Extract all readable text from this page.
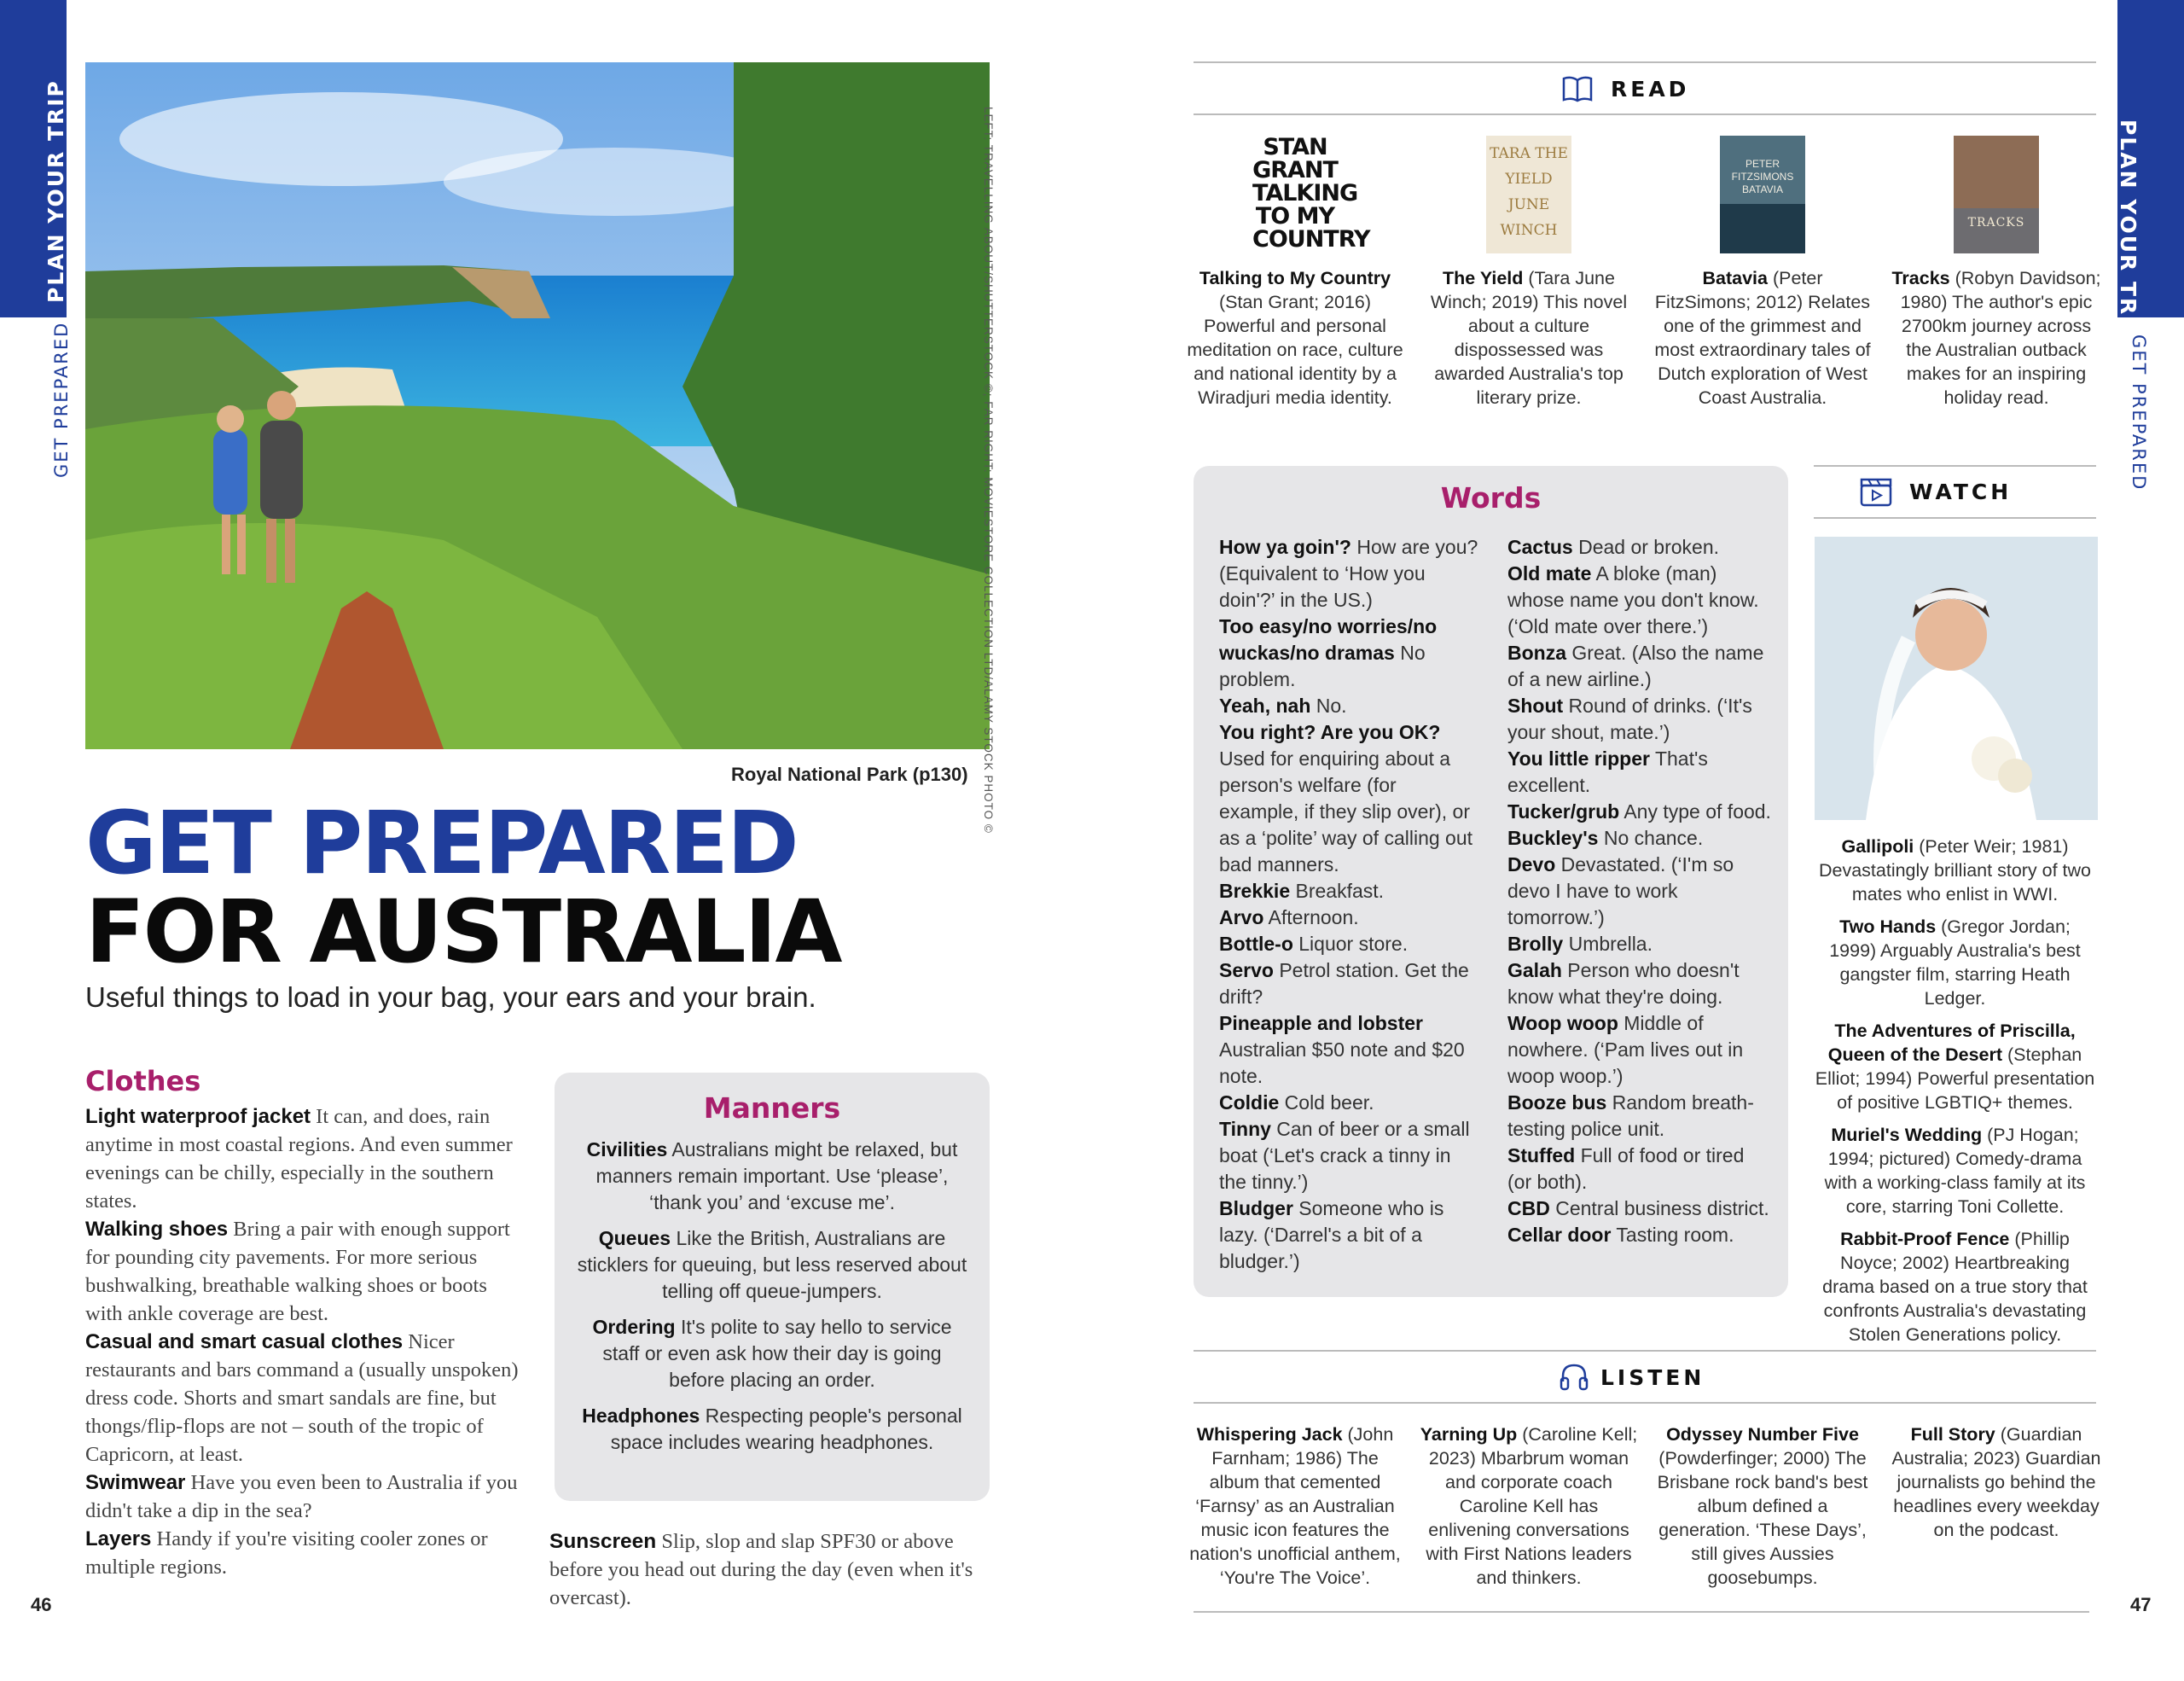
PLAN YOUR TRIP
GET PREPARED	LEFT: TRAVELLING ABOUT/SHUTTERSTOCK ©; FAR RIGHT: MOVIESTORE COLLECTION LTD/ALAMY STOCK PHOTO ©
Royal National Park (p130)
GET PREPARED
FOR AUSTRALIA
Useful things to load in your bag, your ears and your brain.
Clothes
Light waterproof jacket It can, and does, rain anytime in most coastal regions. And even summer evenings can be chilly, especially in the southern states.
Walking shoes Bring a pair with enough support for pounding city pavements. For more serious bushwalking, breathable walking shoes or boots with ankle coverage are best.
Casual and smart casual clothes Nicer restaurants and bars command a (usually unspoken) dress code. Shorts and smart sandals are fine, but thongs/flip-flops are not – south of the tropic of Capricorn, at least.
Swimwear Have you even been to Australia if you didn't take a dip in the sea?
Layers Handy if you're visiting cooler zones or multiple regions.
Manners
Civilities Australians might be relaxed, but manners remain important. Use ‘please’, ‘thank you’ and ‘excuse me’.
Queues Like the British, Australians are sticklers for queuing, but less reserved about telling off queue-jumpers.
Ordering It's polite to say hello to service staff or even ask how their day is going before placing an order.
Headphones Respecting people's personal space includes wearing headphones.
Sunscreen Slip, slop and slap SPF30 or above before you head out during the day (even when it's overcast).
46
READ
STAN GRANT TALKING TO MY COUNTRY
TARA THE YIELD JUNE WINCH
PETER FITZSIMONS BATAVIA
TRACKS
Talking to My Country (Stan Grant; 2016) Powerful and personal meditation on race, culture and national identity by a Wiradjuri media identity.
The Yield (Tara June Winch; 2019) This novel about a culture dispossessed was awarded Australia's top literary prize.
Batavia (Peter FitzSimons; 2012) Relates one of the grimmest and most extraordinary tales of Dutch exploration of West Coast Australia.
Tracks (Robyn Davidson; 1980) The author's epic 2700km journey across the Australian outback makes for an inspiring holiday read.
Words
How ya goin'? How are you? (Equivalent to ‘How you doin'?’ in the US.)
Too easy/no worries/no wuckas/no dramas No problem.
Yeah, nah No.
You right? Are you OK? Used for enquiring about a person's welfare (for example, if they slip over), or as a ‘polite’ way of calling out bad manners.
Brekkie Breakfast.
Arvo Afternoon.
Bottle-o Liquor store.
Servo Petrol station. Get the drift?
Pineapple and lobster Australian $50 note and $20 note.
Coldie Cold beer.
Tinny Can of beer or a small boat (‘Let's crack a tinny in the tinny.’)
Bludger Someone who is lazy. (‘Darrel's a bit of a bludger.’)
Cactus Dead or broken.
Old mate A bloke (man) whose name you don't know. (‘Old mate over there.’)
Bonza Great. (Also the name of a new airline.)
Shout Round of drinks. (‘It's your shout, mate.’)
You little ripper That's excellent.
Tucker/grub Any type of food.
Buckley's No chance.
Devo Devastated. (‘I'm so devo I have to work tomorrow.’)
Brolly Umbrella.
Galah Person who doesn't know what they're doing.
Woop woop Middle of nowhere. (‘Pam lives out in woop woop.’)
Booze bus Random breath-testing police unit.
Stuffed Full of food or tired (or both).
CBD Central business district.
Cellar door Tasting room.
WATCH
Gallipoli (Peter Weir; 1981) Devastatingly brilliant story of two mates who enlist in WWI.
Two Hands (Gregor Jordan; 1999) Arguably Australia's best gangster film, starring Heath Ledger.
The Adventures of Priscilla, Queen of the Desert (Stephan Elliot; 1994) Powerful presentation of positive LGBTIQ+ themes.
Muriel's Wedding (PJ Hogan; 1994; pictured) Comedy-drama with a working-class family at its core, starring Toni Collette.
Rabbit-Proof Fence (Phillip Noyce; 2002) Heartbreaking drama based on a true story that confronts Australia's devastating Stolen Generations policy.
LISTEN
Whispering Jack (John Farnham; 1986) The album that cemented ‘Farnsy’ as an Australian music icon features the nation's unofficial anthem, ‘You're The Voice’.
Yarning Up (Caroline Kell; 2023) Mbarbrum woman and corporate coach Caroline Kell has enlivening conversations with First Nations leaders and thinkers.
Odyssey Number Five (Powderfinger; 2000) The Brisbane rock band's best album defined a generation. ‘These Days’, still gives Aussies goosebumps.
Full Story (Guardian Australia; 2023) Guardian journalists go behind the headlines every weekday on the podcast.
47
PLAN YOUR TRIP
GET PREPARED
